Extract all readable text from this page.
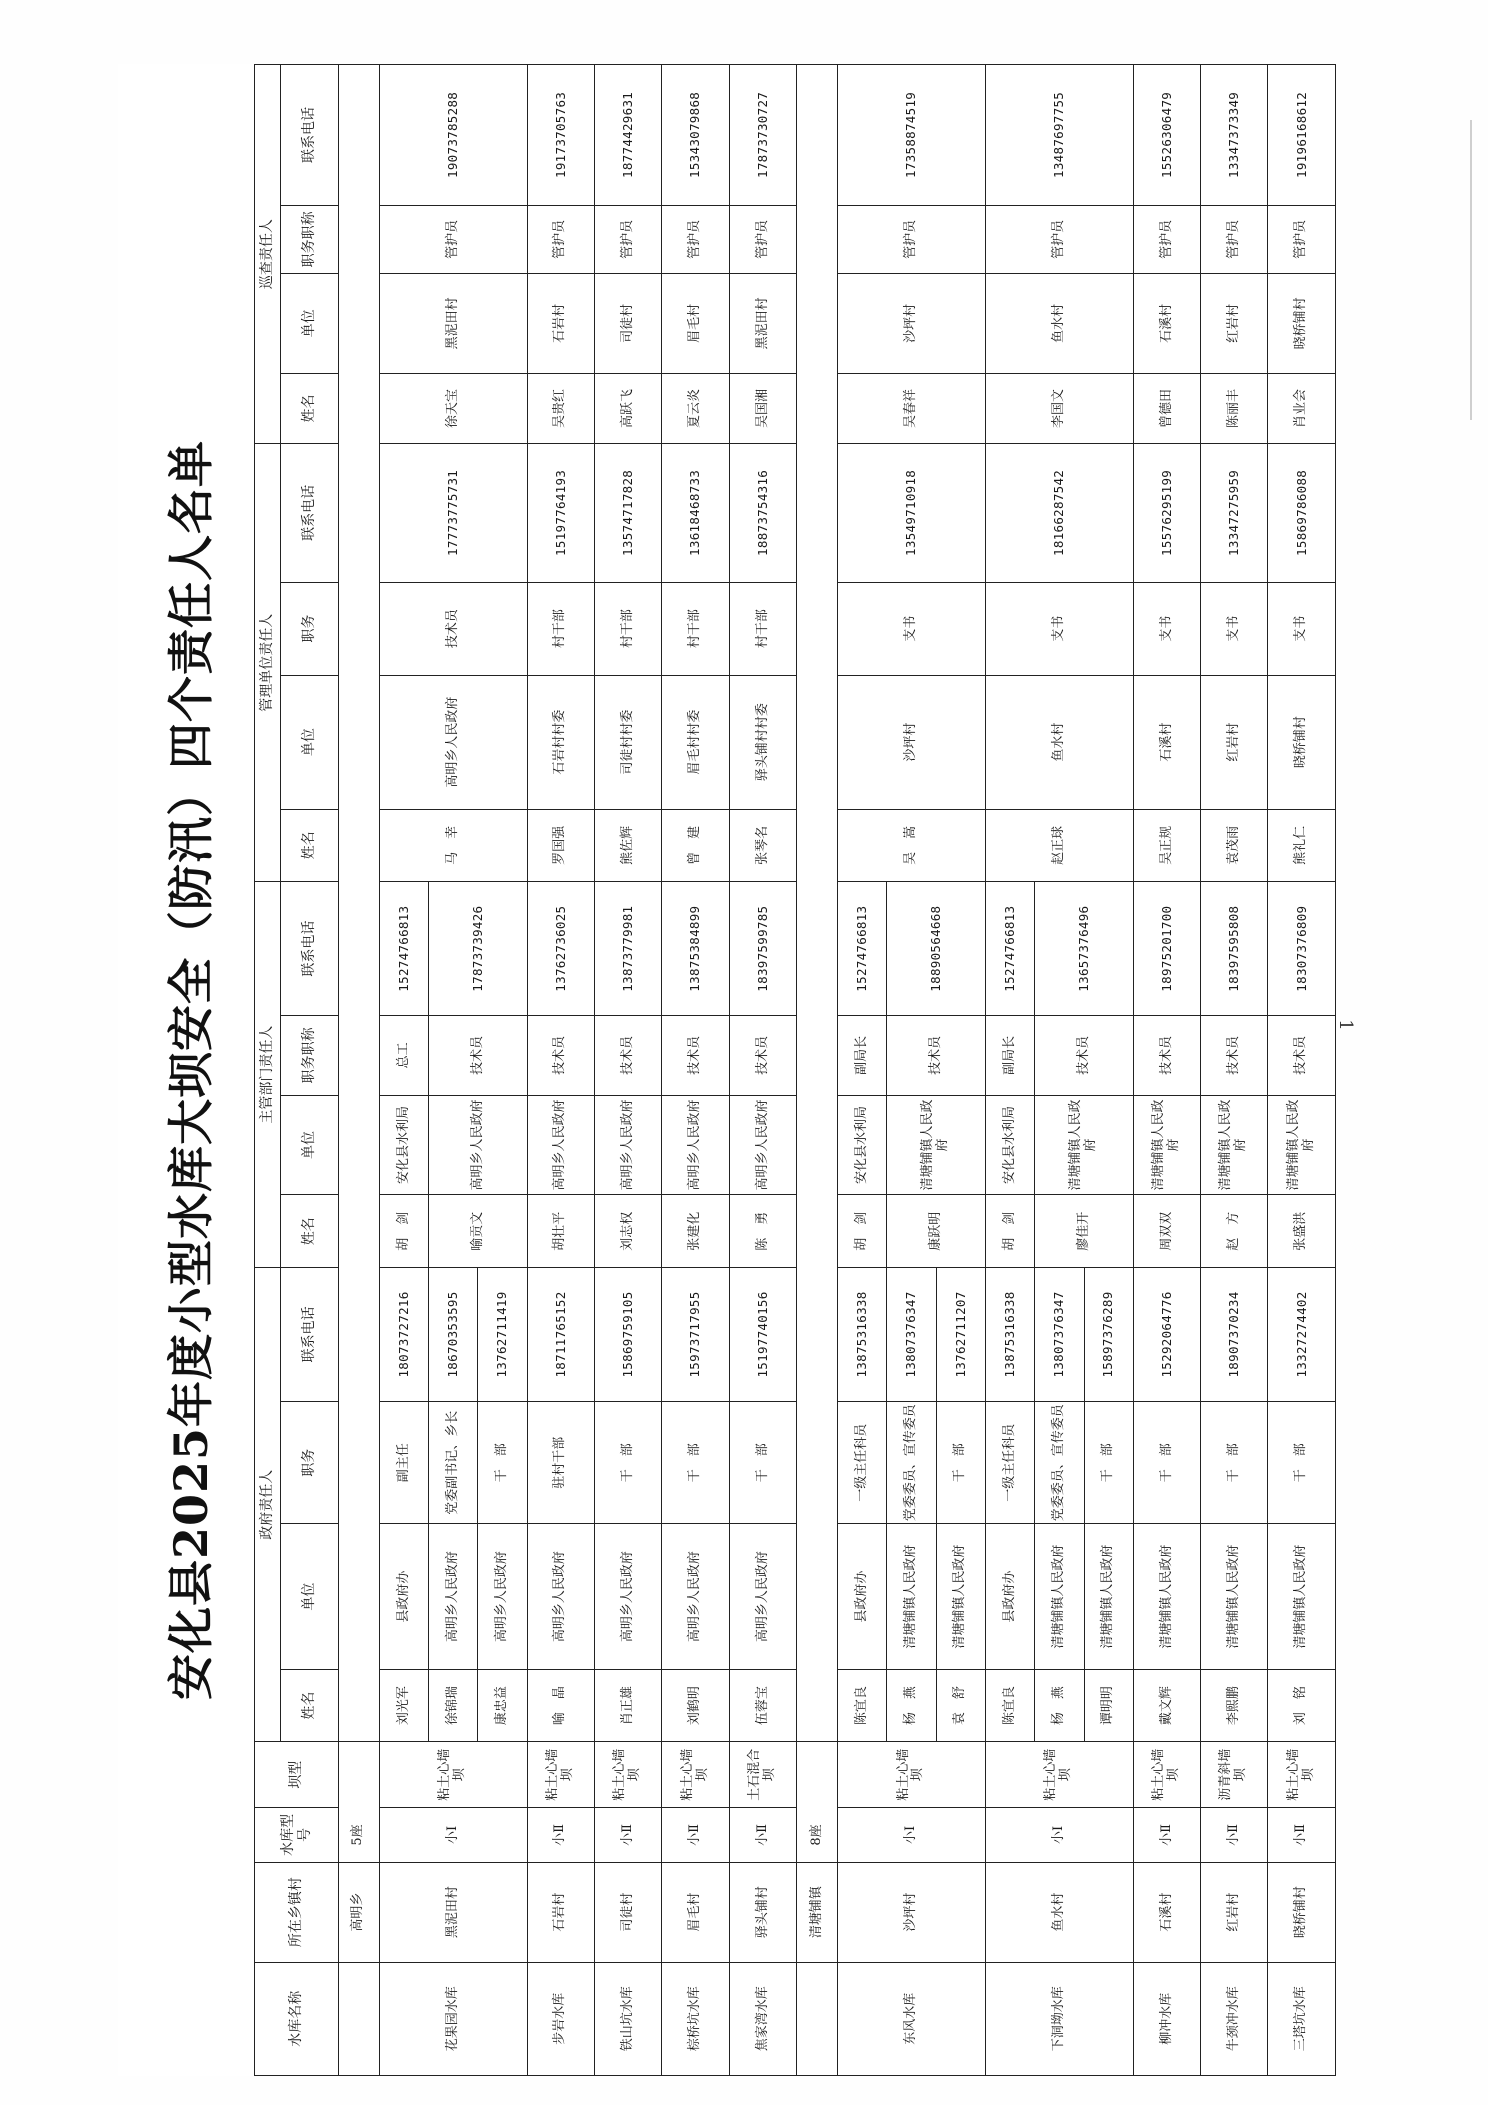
安化县2025年度小型水库大坝安全（防汛）四个责任人名单
水库名称	所在乡镇村	水库型号	坝型	政府责任人				主管部门责任人				管理单位责任人				巡查责任人			
				姓名	单位	职务	联系电话	姓名	单位	职务职称	联系电话	姓名	单位	职务	联系电话	姓名	单位	职务职称	联系电话
	高明乡	5座																	
花果园水库	黑泥田村	小Ⅰ	粘土心墙坝	刘光军	县政府办	副主任	18073727216	胡　剑	安化县水利局	总工	15274766813	马　幸	高明乡人民政府	技术员	17773775731	徐天宝	黑泥田村	管护员	19073785288
				徐锦瑞	高明乡人民政府	党委副书记、乡长	18670353595	喻贡文	高明乡人民政府	技术员	17873739426								
				康忠益	高明乡人民政府	干　部	13762711419												
步岩水库	石岩村	小Ⅱ	粘土心墙坝	喻　晶	高明乡人民政府	驻村干部	18711765152	胡壮平	高明乡人民政府	技术员	13762736025	罗国强	石岩村村委	村干部	15197764193	吴贵红	石岩村	管护员	19173705763
铁山坑水库	司徒村	小Ⅱ	粘土心墙坝	肖正雄	高明乡人民政府	干　部	15869759105	刘志权	高明乡人民政府	技术员	13873779981	熊佐辉	司徒村村委	村干部	13574717828	高跃飞	司徒村	管护员	18774429631
棕桥坑水库	眉毛村	小Ⅱ	粘土心墙坝	刘鹤明	高明乡人民政府	干　部	15973717955	张建化	高明乡人民政府	技术员	13875384899	曾　建	眉毛村村委	村干部	13618468733	夏云炎	眉毛村	管护员	15343079868
焦家湾水库	驿头铺村	小Ⅱ	土石混合坝	伍蓉宝	高明乡人民政府	干　部	15197740156	陈　勇	高明乡人民政府	技术员	18397599785	张琴名	驿头铺村村委	村干部	18873754316	吴国湘	黑泥田村	管护员	17873730727
	清塘铺镇	8座																	
东风水库	沙坪村	小Ⅰ	粘土心墙坝	陈宜良	县政府办	一级主任科员	13875316338	胡　剑	安化县水利局	副局长	15274766813	吴　嵩	沙坪村	支书	13549710918	吴春祥	沙坪村	管护员	17358874519
				杨　燕	清塘铺镇人民政府	党委委员、宣传委员	13807376347	康跃明	清塘铺镇人民政府	技术员	18890564668								
				袁　舒	清塘铺镇人民政府	干　部	13762711207												
下洞坳水库	鱼水村	小Ⅰ	粘土心墙坝	陈宜良	县政府办	一级主任科员	13875316338	胡　剑	安化县水利局	副局长	15274766813	赵正球	鱼水村	支书	18166287542	李国文	鱼水村	管护员	13487697755
				杨　燕	清塘铺镇人民政府	党委委员、宣传委员	13807376347	廖佳开	清塘铺镇人民政府	技术员	13657376496								
				谭明明	清塘铺镇人民政府	干　部	15897376289												
柳冲水库	石溪村	小Ⅱ	粘土心墙坝	戴文辉	清塘铺镇人民政府	干　部	15292064776	周双双	清塘铺镇人民政府	技术员	18975201700	吴正规	石溪村	支书	15576295199	曾德田	石溪村	管护员	15526306479
牛颈冲水库	红岩村	小Ⅱ	沥青斜墙坝	李熙鹏	清塘铺镇人民政府	干　部	18907370234	赵　方	清塘铺镇人民政府	技术员	18397595808	袁茂雨	红岩村	支书	13347275959	陈丽丰	红岩村	管护员	13347373349
三塔坑水库	晓桥铺村	小Ⅱ	粘土心墙坝	刘　铭	清塘铺镇人民政府	干　部	13327274402	张盛洪	清塘铺镇人民政府	技术员	18307376809	熊礼仁	晓桥铺村	支书	15869786088	肖业会	晓桥铺村	管护员	19196168612
1
